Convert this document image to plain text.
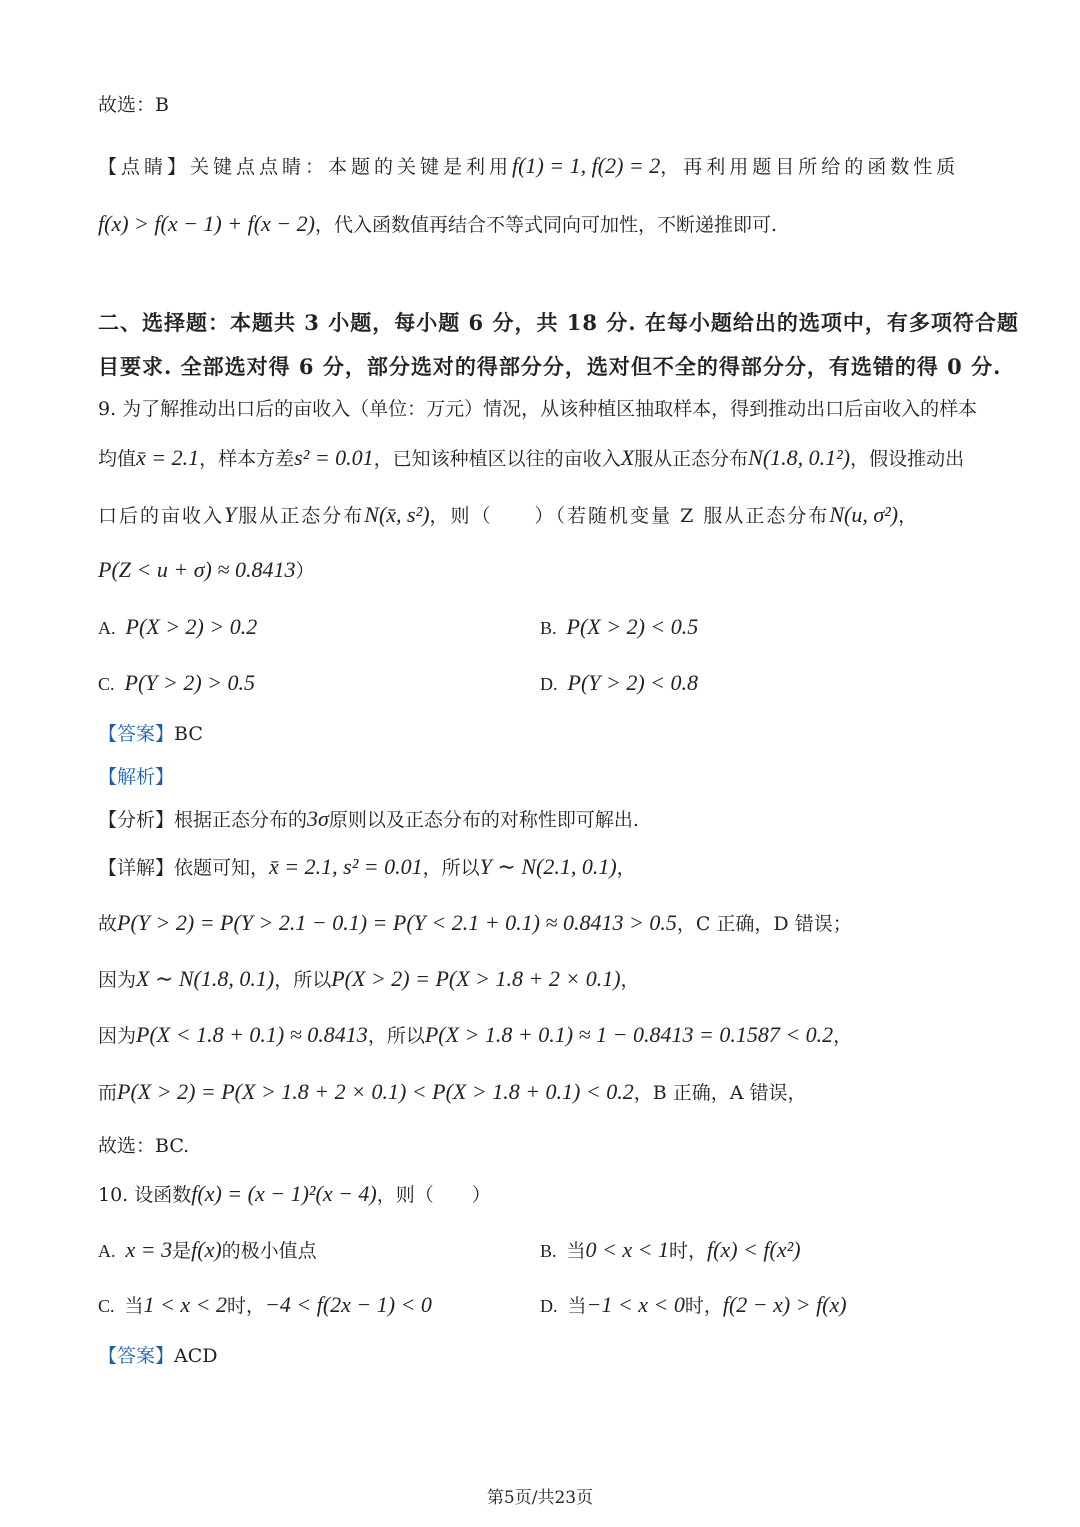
故选：B
【点睛】关键点点睛：本题的关键是利用f(1) = 1, f(2) = 2，再利用题目所给的函数性质
f(x) > f(x − 1) + f(x − 2)，代入函数值再结合不等式同向可加性，不断递推即可.
二、选择题：本题共 3 小题，每小题 6 分，共 18 分. 在每小题给出的选项中，有多项符合题
目要求. 全部选对得 6 分，部分选对的得部分分，选对但不全的得部分分，有选错的得 0 分.
9. 为了解推动出口后的亩收入（单位：万元）情况，从该种植区抽取样本，得到推动出口后亩收入的样本
均值x̄ = 2.1，样本方差s² = 0.01，已知该种植区以往的亩收入X服从正态分布N(1.8, 0.1²)，假设推动出
口后的亩收入Y服从正态分布N(x̄, s²)，则（　　）（若随机变量 Z 服从正态分布N(u, σ²)，
P(Z < u + σ) ≈ 0.8413）
A. P(X > 2) > 0.2	B. P(X > 2) < 0.5
C. P(Y > 2) > 0.5	D. P(Y > 2) < 0.8
【答案】BC
【解析】
【分析】根据正态分布的3σ原则以及正态分布的对称性即可解出.
【详解】依题可知，x̄ = 2.1, s² = 0.01，所以Y ∼ N(2.1, 0.1)，
故P(Y > 2) = P(Y > 2.1 − 0.1) = P(Y < 2.1 + 0.1) ≈ 0.8413 > 0.5，C 正确，D 错误；
因为X ∼ N(1.8, 0.1)，所以P(X > 2) = P(X > 1.8 + 2 × 0.1)，
因为P(X < 1.8 + 0.1) ≈ 0.8413，所以P(X > 1.8 + 0.1) ≈ 1 − 0.8413 = 0.1587 < 0.2，
而P(X > 2) = P(X > 1.8 + 2 × 0.1) < P(X > 1.8 + 0.1) < 0.2，B 正确，A 错误，
故选：BC.
10. 设函数f(x) = (x − 1)²(x − 4)，则（　　）
A. x = 3是f(x)的极小值点	B. 当0 < x < 1时，f(x) < f(x²)
C. 当1 < x < 2时，−4 < f(2x − 1) < 0	D. 当−1 < x < 0时，f(2 − x) > f(x)
【答案】ACD
第5页/共23页
